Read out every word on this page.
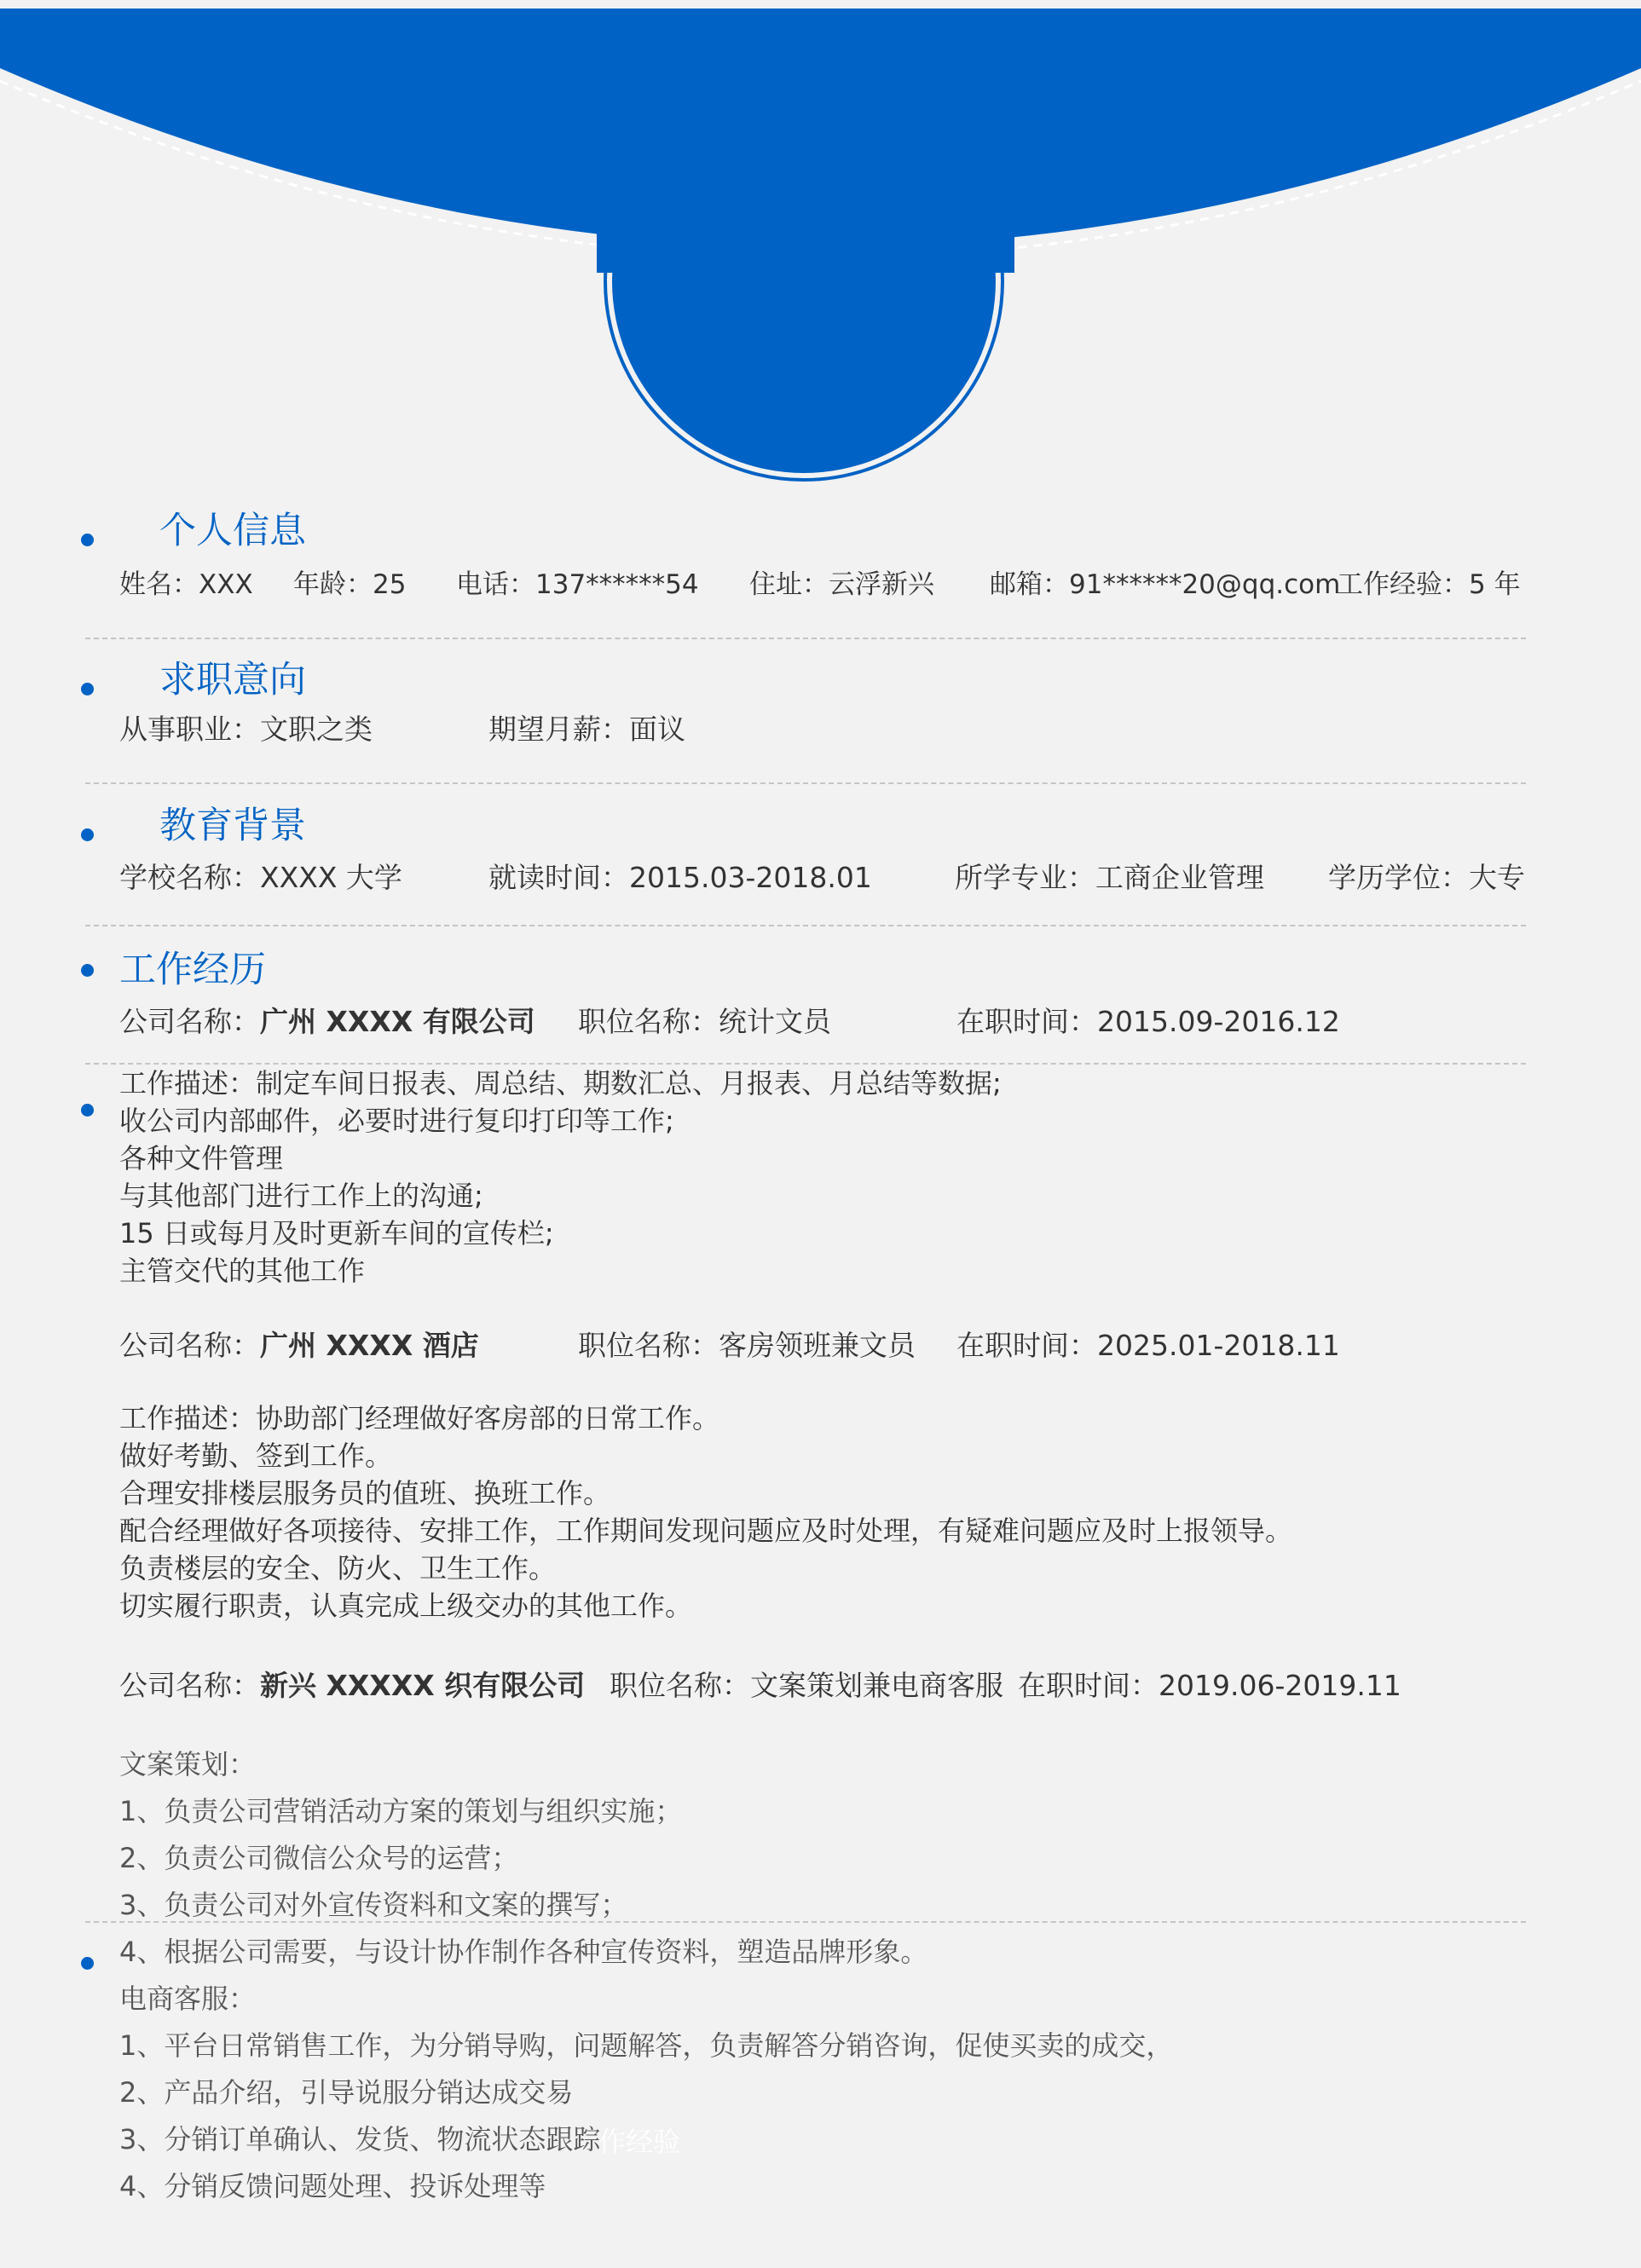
个人信息
姓名：XXX 年龄：25 电话：137******54 住址：云浮新兴 邮箱：91******20@qq.com
工作经验：5 年
求职意向
从事职业：文职之类	期望月薪：面议
教育背景
学校名称：XXXX 大学	就读时间：2015.03-2018.01	所学专业：工商企业管理 学历学位：大专
工作经历
公司名称：广州 XXXX 有限公司 职位名称：统计文员	在职时间：2015.09-2016.12
工作描述：制定车间日报表、周总结、期数汇总、月报表、月总结等数据;
收公司内部邮件，必要时进行复印打印等工作;
各种文件管理
与其他部门进行工作上的沟通;
15 日或每月及时更新车间的宣传栏;
主管交代的其他工作
公司名称：广州 XXXX 酒店	职位名称：客房领班兼文员 在职时间：2025.01-2018.11
工作描述：协助部门经理做好客房部的日常工作。
做好考勤、签到工作。
合理安排楼层服务员的值班、换班工作。
配合经理做好各项接待、安排工作，工作期间发现问题应及时处理，有疑难问题应及时上报领导。
负责楼层的安全、防火、卫生工作。
切实履行职责，认真完成上级交办的其他工作。
公司名称：新兴 XXXXX 织有限公司 职位名称：文案策划兼电商客服 在职时间：2019.06-2019.11
文案策划：
1、负责公司营销活动方案的策划与组织实施；
2、负责公司微信公众号的运营；
3、负责公司对外宣传资料和文案的撰写；
4、根据公司需要，与设计协作制作各种宣传资料，塑造品牌形象。
电商客服：
1、平台日常销售工作，为分销导购，问题解答，负责解答分销咨询，促使买卖的成交，
2、产品介绍，引导说服分销达成交易
3、分销订单确认、发货、物流状态跟踪
4、分销反馈问题处理、投诉处理等
作经验
